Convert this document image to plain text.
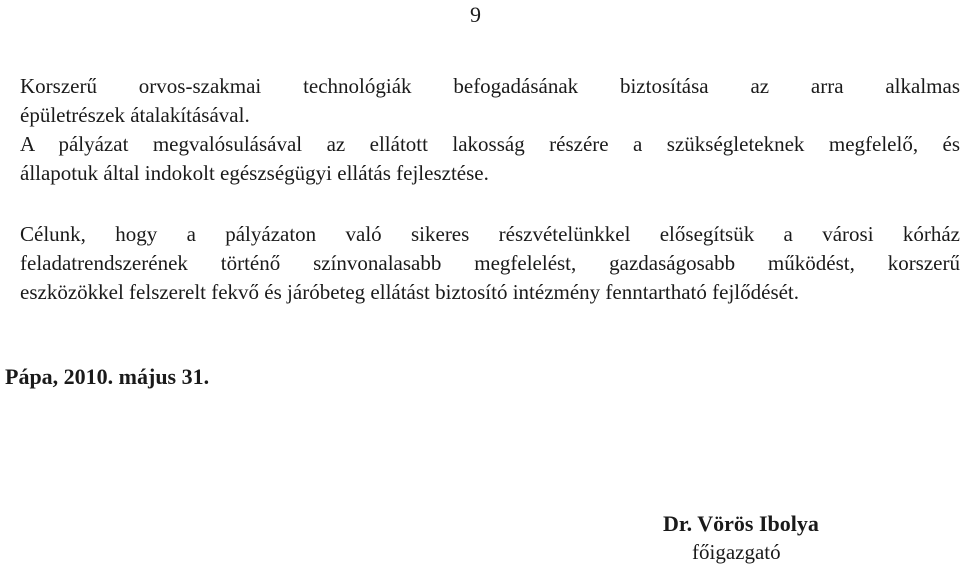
9

Korszerű orvos-szakmai technológiák befogadásának biztosítása az arra alkalmas
épületrészek átalakításával.

A pályázat megvalósulásával az ellátott lakosság részére a szükségleteknek megfelelő, és
állapotuk által indokolt egészségügyi ellátás fejlesztése.

Célunk, hogy a pályázaton való sikeres részvételünkkel elősegítsük a városi kórház
feladatrendszerének történő színvonalasabb megfelelést, gazdaságosabb működést, korszerű
eszközökkel felszerelt fekvő és járóbeteg ellátást biztosító intézmény fenntartható fejlődését.

Pápa, 2010. május 31.
Dr. Vörös Ibolya
főigazgató
